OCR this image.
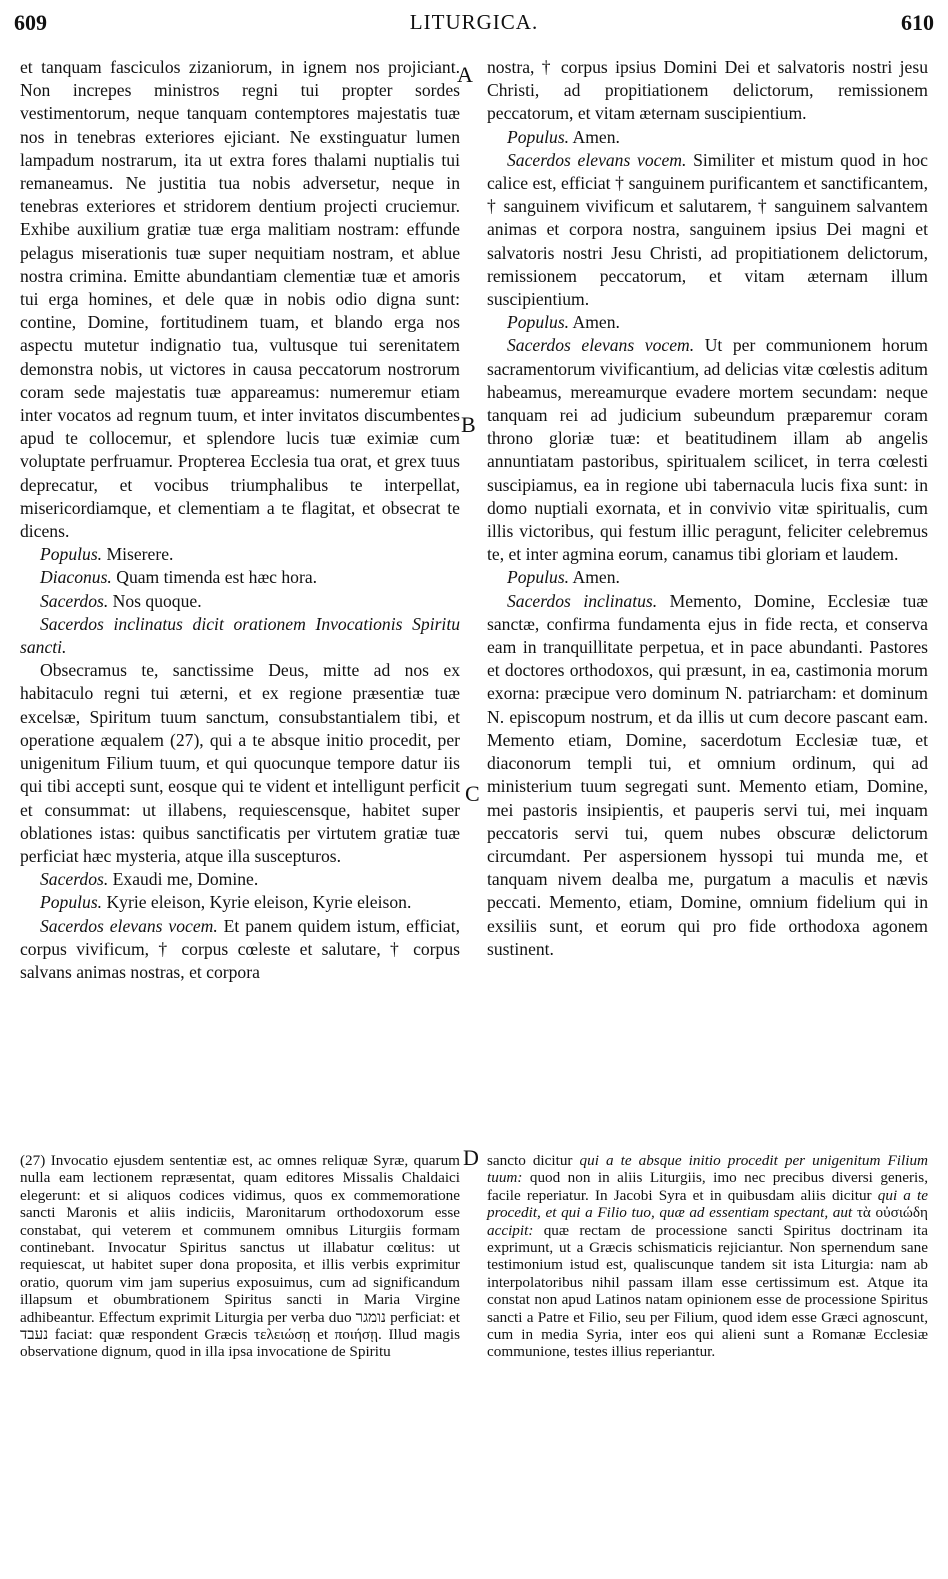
609	LITURGICA.	610

et tanquam fasciculos zizaniorum, in ignem nos projiciant. Non increpes ministros regni tui propter sordes vestimentorum, neque tanquam contemptores majestatis tuæ nos in tenebras exteriores ejiciant. Ne exstinguatur lumen lampadum nostrarum, ita ut extra fores thalami nuptialis tui remaneamus. Ne justitia tua nobis adversetur, neque in tenebras exteriores et stridorem dentium projecti cruciemur. Exhibe auxilium gratiæ tuæ erga malitiam nostram: effunde pelagus miserationis tuæ super nequitiam nostram, et ablue nostra crimina. Emitte abundantiam clementiæ tuæ et amoris tui erga homines, et dele quæ in nobis odio digna sunt: contine, Domine, fortitudinem tuam, et blando erga nos aspectu mutetur indignatio tua, vultusque tui serenitatem demonstra nobis, ut victores in causa peccatorum nostrorum coram sede majestatis tuæ appareamus: numeremur etiam inter vocatos ad regnum tuum, et inter invitatos discumbentes apud te collocemur, et splendore lucis tuæ eximiæ cum voluptate perfruamur. Propterea Ecclesia tua orat, et grex tuus deprecatur, et vocibus triumphalibus te interpellat, misericordiamque, et clementiam a te flagitat, et obsecrat te dicens.

Populus. Miserere.

Diaconus. Quam timenda est hæc hora.

Sacerdos. Nos quoque.

Sacerdos inclinatus dicit orationem Invocationis Spiritu sancti.

Obsecramus te, sanctissime Deus, mitte ad nos ex habitaculo regni tui æterni, et ex regione præsentiæ tuæ excelsæ, Spiritum tuum sanctum, consubstantialem tibi, et operatione æqualem (27), qui a te absque initio procedit, per unigenitum Filium tuum, et qui quocunque tempore datur iis qui tibi accepti sunt, eosque qui te vident et intelligunt perficit et consummat: ut illabens, requiescensque, habitet super oblationes istas: quibus sanctificatis per virtutem gratiæ tuæ perficiat hæc mysteria, atque illa suscepturos.

Sacerdos. Exaudi me, Domine.

Populus. Kyrie eleison, Kyrie eleison, Kyrie eleison.

Sacerdos elevans vocem. Et panem quidem istum, efficiat, corpus vivificum, † corpus cœleste et salutare, † corpus salvans animas nostras, et corpora

nostra, † corpus ipsius Domini Dei et salvatoris nostri jesu Christi, ad propitiationem delictorum, remissionem peccatorum, et vitam æternam suscipientium.

Populus. Amen.

Sacerdos elevans vocem. Similiter et mistum quod in hoc calice est, efficiat † sanguinem purificantem et sanctificantem, † sanguinem vivificum et salutarem, † sanguinem salvantem animas et corpora nostra, sanguinem ipsius Dei magni et salvatoris nostri Jesu Christi, ad propitiationem delictorum, remissionem peccatorum, et vitam æternam illum suscipientium.

Populus. Amen.

Sacerdos elevans vocem. Ut per communionem horum sacramentorum vivificantium, ad delicias vitæ cœlestis aditum habeamus, mereamurque evadere mortem secundam: neque tanquam rei ad judicium subeundum præparemur coram throno gloriæ tuæ: et beatitudinem illam ab angelis annuntiatam pastoribus, spiritualem scilicet, in terra cœlesti suscipiamus, ea in regione ubi tabernacula lucis fixa sunt: in domo nuptiali exornata, et in convivio vitæ spiritualis, cum illis victoribus, qui festum illic peragunt, feliciter celebremus te, et inter agmina eorum, canamus tibi gloriam et laudem.

Populus. Amen.

Sacerdos inclinatus. Memento, Domine, Ecclesiæ tuæ sanctæ, confirma fundamenta ejus in fide recta, et conserva eam in tranquillitate perpetua, et in pace abundanti. Pastores et doctores orthodoxos, qui præsunt, in ea, castimonia morum exorna: præcipue vero dominum N. patriarcham: et dominum N. episcopum nostrum, et da illis ut cum decore pascant eam. Memento etiam, Domine, sacerdotum Ecclesiæ tuæ, et diaconorum templi tui, et omnium ordinum, qui ad ministerium tuum segregati sunt. Memento etiam, Domine, mei pastoris insipientis, et pauperis servi tui, mei inquam peccatoris servi tui, quem nubes obscuræ delictorum circumdant. Per aspersionem hyssopi tui munda me, et tanquam nivem dealba me, purgatum a maculis et nævis peccati. Memento, etiam, Domine, omnium fidelium qui in exsiliis sunt, et eorum qui pro fide orthodoxa agonem sustinent.

A
B
C
D

(27) Invocatio ejusdem sententiæ est, ac omnes reliquæ Syræ, quarum nulla eam lectionem repræsentat, quam editores Missalis Chaldaici elegerunt: et si aliquos codices vidimus, quos ex commemoratione sancti Maronis et aliis indiciis, Maronitarum orthodoxorum esse constabat, qui veterem et communem omnibus Liturgiis formam continebant. Invocatur Spiritus sanctus ut illabatur cœlitus: ut requiescat, ut habitet super dona proposita, et illis verbis exprimitur oratio, quorum vim jam superius exposuimus, cum ad significandum illapsum et obumbrationem Spiritus sancti in Maria Virgine adhibeantur. Effectum exprimit Liturgia per verba duo נומגר perficiat: et נעבד faciat: quæ respondent Græcis τελειώσῃ et ποιήσῃ. Illud magis observatione dignum, quod in illa ipsa invocatione de Spiritu

sancto dicitur qui a te absque initio procedit per unigenitum Filium tuum: quod non in aliis Liturgiis, imo nec precibus diversi generis, facile reperiatur. In Jacobi Syra et in quibusdam aliis dicitur qui a te procedit, et qui a Filio tuo, quæ ad essentiam spectant, aut τὰ οὐσιώδη accipit: quæ rectam de processione sancti Spiritus doctrinam ita exprimunt, ut a Græcis schismaticis rejiciantur. Non spernendum sane testimonium istud est, qualiscunque tandem sit ista Liturgia: nam ab interpolatoribus nihil passam illam esse certissimum est. Atque ita constat non apud Latinos natam opinionem esse de processione Spiritus sancti a Patre et Filio, seu per Filium, quod idem esse Græci agnoscunt, cum in media Syria, inter eos qui alieni sunt a Romanæ Ecclesiæ communione, testes illius reperiantur.
